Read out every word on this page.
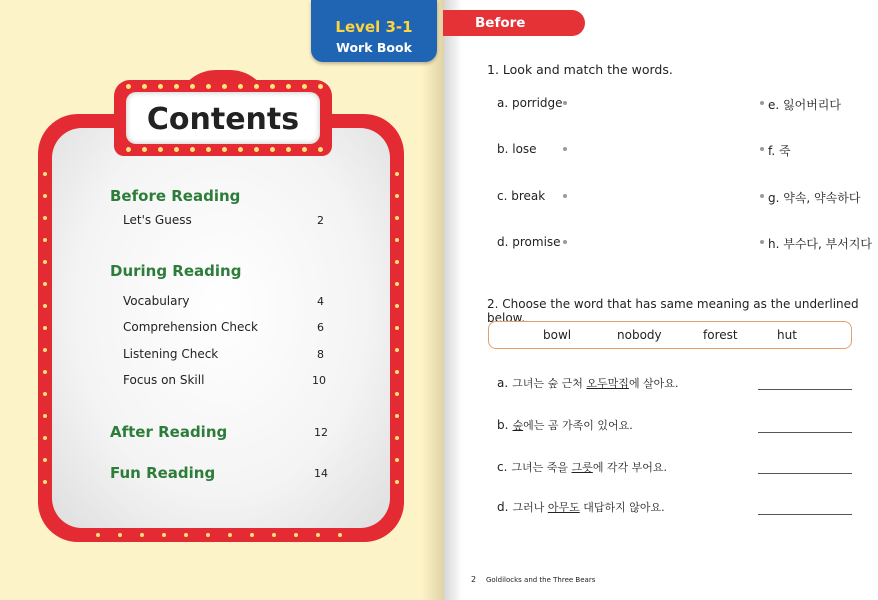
Level 3-1
Work Book
Contents
Before Reading
Let's Guess	2
During Reading
Vocabulary	4
Comprehension Check	6
Listening Check	8
Focus on Skill	10
After Reading	12
Fun Reading	14
Before Reading
1. Look and match the words.
a. porridge	e. 잃어버리다
b. lose	f. 죽
c. break	g. 약속, 약속하다
d. promise	h. 부수다, 부서지다
2. Choose the word that has same meaning as the underlined below.
bowl	nobody	forest	hut
a. 그녀는 숲 근처 오두막집에 살아요.
b. 숲에는 곰 가족이 있어요.
c. 그녀는 죽을 그릇에 각각 부어요.
d. 그러나 아무도 대답하지 않아요.
2 Goldilocks and the Three Bears
